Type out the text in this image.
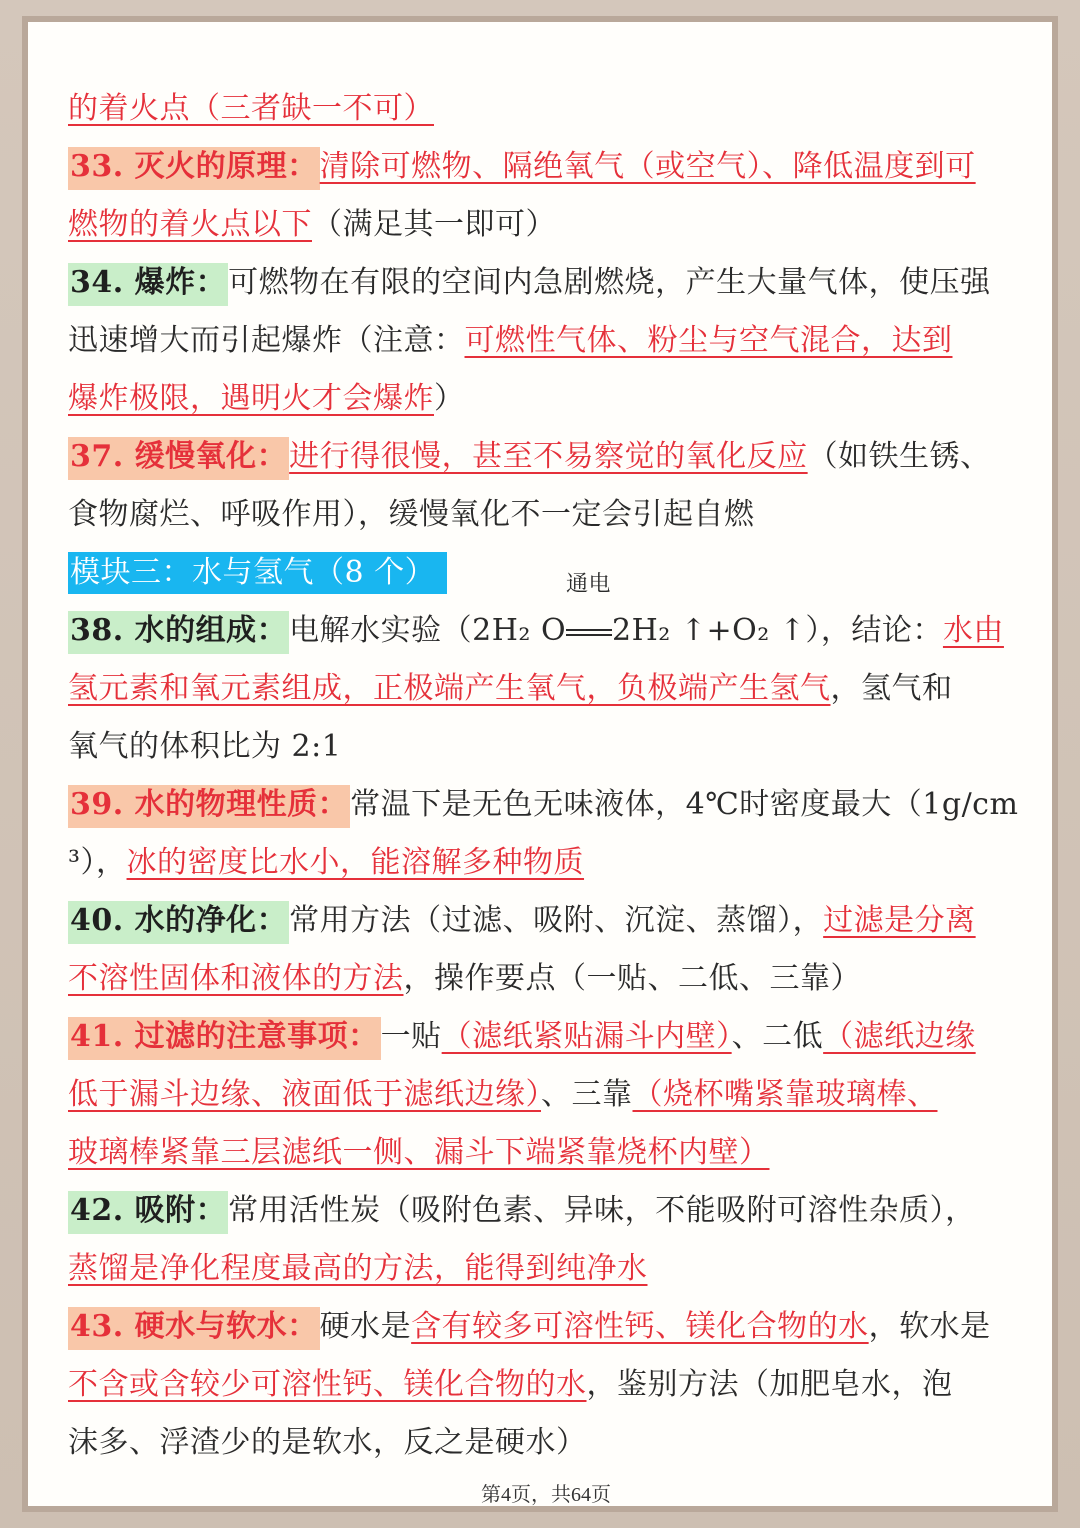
的着火点（三者缺一不可）
33. 灭火的原理：清除可燃物、隔绝氧气（或空气）、降低温度到可
燃物的着火点以下（满足其一即可）
34. 爆炸：可燃物在有限的空间内急剧燃烧，产生大量气体，使压强
迅速增大而引起爆炸（注意：可燃性气体、粉尘与空气混合，达到
爆炸极限，遇明火才会爆炸）
37. 缓慢氧化：进行得很慢，甚至不易察觉的氧化反应（如铁生锈、
食物腐烂、呼吸作用），缓慢氧化不一定会引起自燃
模块三：水与氢气（8 个）
38. 水的组成：电解水实验（2H₂ O
通电
2H₂ ↑+O₂ ↑），结论：水由
氢元素和氧元素组成，正极端产生氧气，负极端产生氢气，氢气和
氧气的体积比为 2:1
39. 水的物理性质：常温下是无色无味液体，4℃时密度最大（1g/cm
³），冰的密度比水小，能溶解多种物质
40. 水的净化：常用方法（过滤、吸附、沉淀、蒸馏），过滤是分离
不溶性固体和液体的方法，操作要点（一贴、二低、三靠）
41. 过滤的注意事项：一贴（滤纸紧贴漏斗内壁）、二低（滤纸边缘
低于漏斗边缘、液面低于滤纸边缘）、三靠（烧杯嘴紧靠玻璃棒、
玻璃棒紧靠三层滤纸一侧、漏斗下端紧靠烧杯内壁）
42. 吸附：常用活性炭（吸附色素、异味，不能吸附可溶性杂质），
蒸馏是净化程度最高的方法，能得到纯净水
43. 硬水与软水：硬水是含有较多可溶性钙、镁化合物的水，软水是
不含或含较少可溶性钙、镁化合物的水，鉴别方法（加肥皂水，泡
沫多、浮渣少的是软水，反之是硬水）
第4页，共64页
